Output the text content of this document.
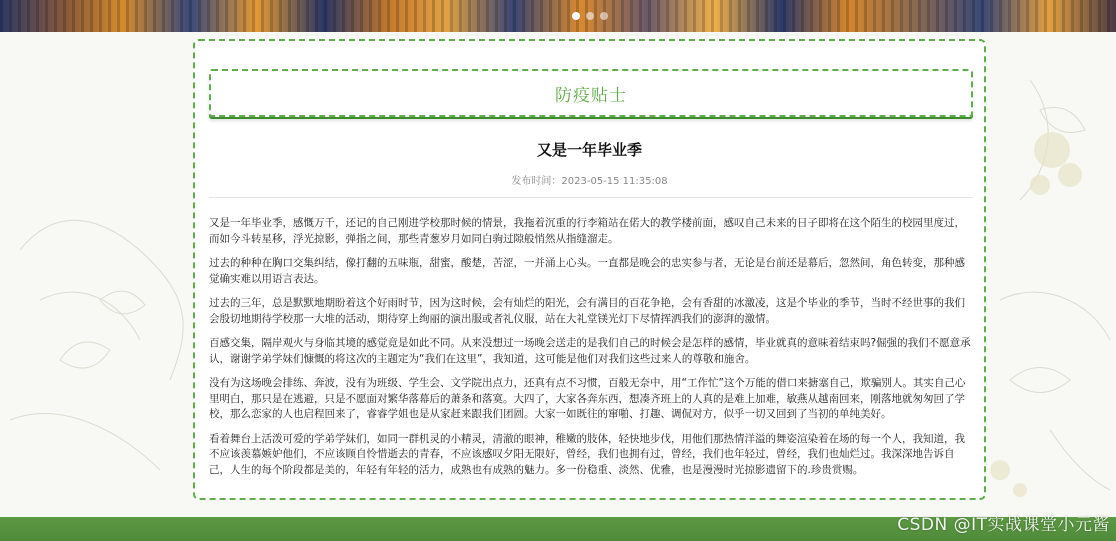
防疫贴士
又是一年毕业季
发布时间：2023-05-15 11:35:08

又是一年毕业季，感慨万千，还记的自己刚进学校那时候的情景，我拖着沉重的行李箱站在偌大的教学楼前面，感叹自己未来的日子即将在这个陌生的校园里度过，而如今斗转星移，浮光掠影，弹指之间，那些青葱岁月如同白驹过隙般悄然从指缝溜走。

过去的种种在胸口交集纠结，像打翻的五味瓶，甜蜜，酸楚，苦涩，一并涌上心头。一直都是晚会的忠实参与者，无论是台前还是幕后，忽然间，角色转变，那种感觉确实难以用语言表达。

过去的三年，总是默默地期盼着这个好雨时节，因为这时候，会有灿烂的阳光，会有满目的百花争艳，会有香甜的冰激凌，这是个毕业的季节，当时不经世事的我们会殷切地期待学校那一大堆的活动，期待穿上绚丽的演出服或者礼仪服，站在大礼堂镁光灯下尽情挥洒我们的澎湃的激情。

百感交集，隔岸观火与身临其境的感觉竟是如此不同。从来没想过一场晚会送走的是我们自己的时候会是怎样的感情，毕业就真的意味着结束吗?倔强的我们不愿意承认，谢谢学弟学妹们慷慨的将这次的主题定为“我们在这里”，我知道，这可能是他们对我们这些过来人的尊敬和施舍。

没有为这场晚会排练、奔波，没有为班级、学生会、文学院出点力，还真有点不习惯，百般无奈中，用“工作忙”这个万能的借口来搪塞自己，欺骗别人。其实自己心里明白，那只是在逃避，只是不愿面对繁华落幕后的萧条和落寞。大四了，大家各奔东西，想凑齐班上的人真的是难上加难，敏燕从越南回来，刚落地就匆匆回了学校，那么恋家的人也启程回来了，睿睿学姐也是从家赶来跟我们团圆。大家一如既往的窜啪、打趣、调侃对方，似乎一切又回到了当初的单纯美好。

看着舞台上活泼可爱的学弟学妹们，如同一群机灵的小精灵，清澈的眼神，稚嫩的肢体，轻快地步伐，用他们那热情洋溢的舞姿渲染着在场的每一个人，我知道，我不应该羡慕嫉妒他们，不应该顾自怜惜逝去的青春，不应该感叹夕阳无限好，曾经，我们也拥有过，曾经，我们也年轻过，曾经，我们也灿烂过。我深深地告诉自己，人生的每个阶段都是美的，年轻有年轻的活力，成熟也有成熟的魅力。多一份稳重、淡然、优雅，也是漫漫时光掠影遗留下的.珍贵赏赐。

CSDN @IT实战课堂小元酱
